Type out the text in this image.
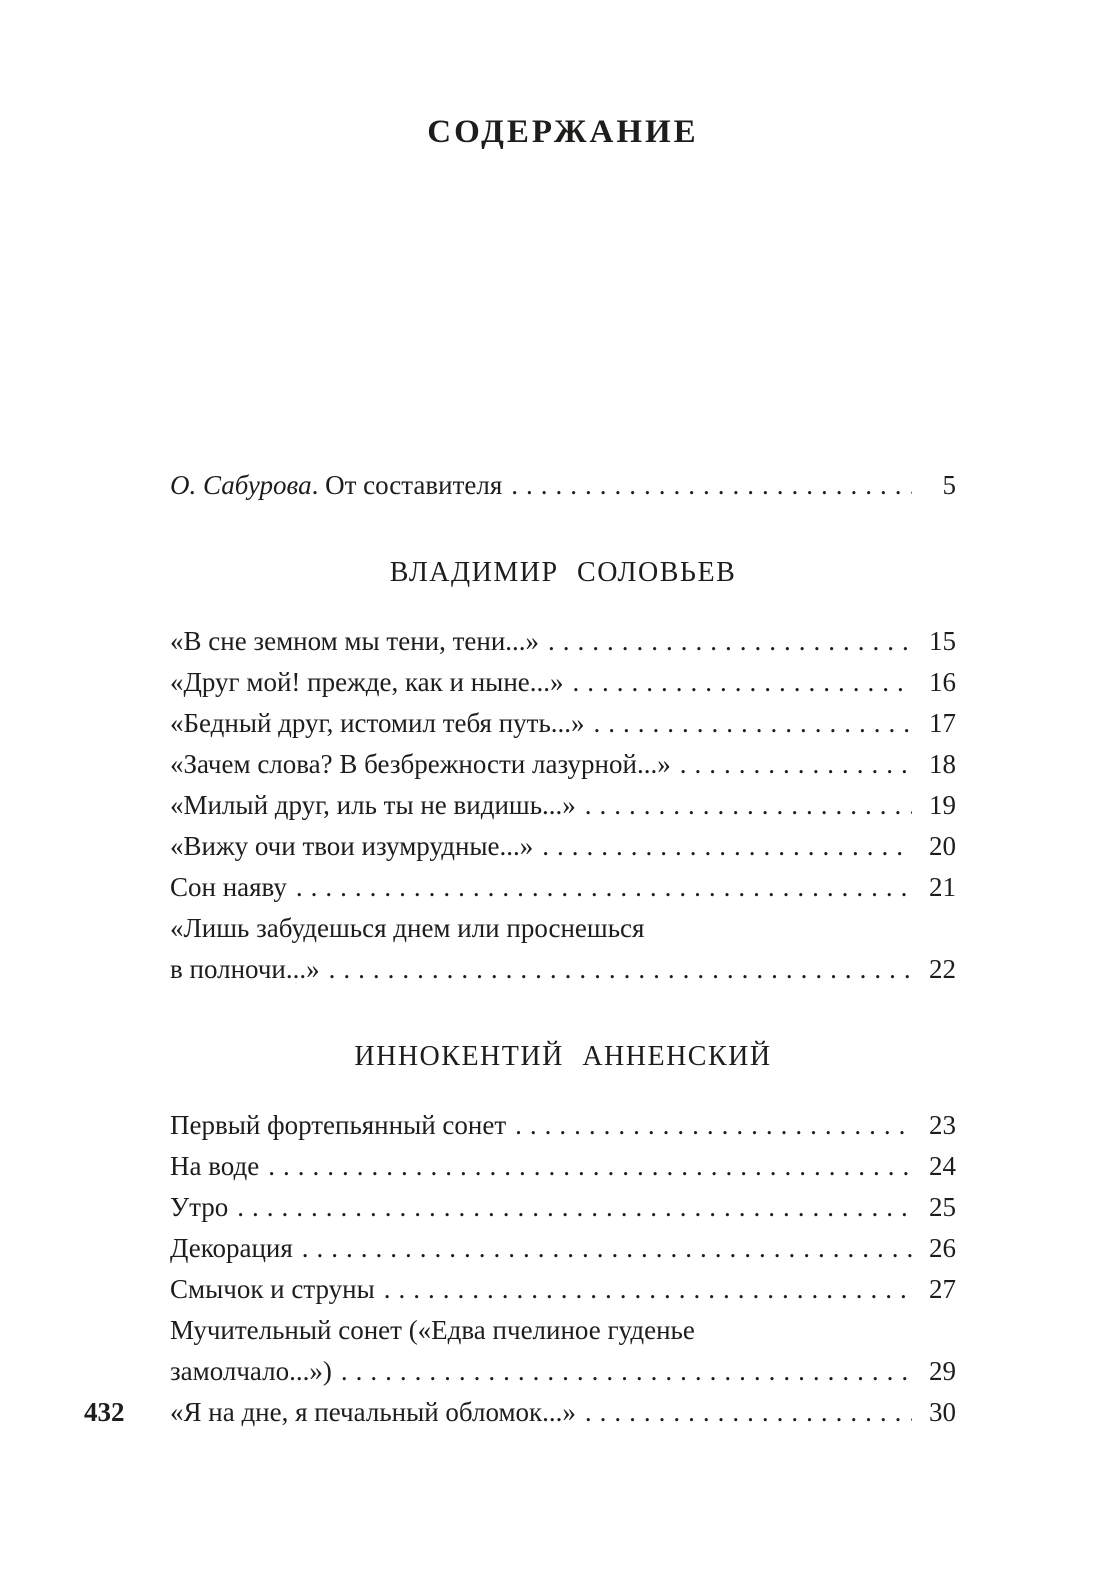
СОДЕРЖАНИЕ
О. Сабурова. От составителя .....	5
ВЛАДИМИР СОЛОВЬЕВ
«В сне земном мы тени, тени...» .....	15
«Друг мой! прежде, как и ныне...» .....	16
«Бедный друг, истомил тебя путь...» .....	17
«Зачем слова? В безбрежности лазурной...» .....	18
«Милый друг, иль ты не видишь...» .....	19
«Вижу очи твои изумрудные...» .....	20
Сон наяву .....	21
«Лишь забудешься днем или проснешься
в полночи...» .....	22
ИННОКЕНТИЙ АННЕНСКИЙ
Первый фортепьянный сонет .....	23
На воде .....	24
Утро .....	25
Декорация .....	26
Смычок и струны .....	27
Мучительный сонет («Едва пчелиное гуденье
замолчало...») .....	29
«Я на дне, я печальный обломок...» .....	30
432
